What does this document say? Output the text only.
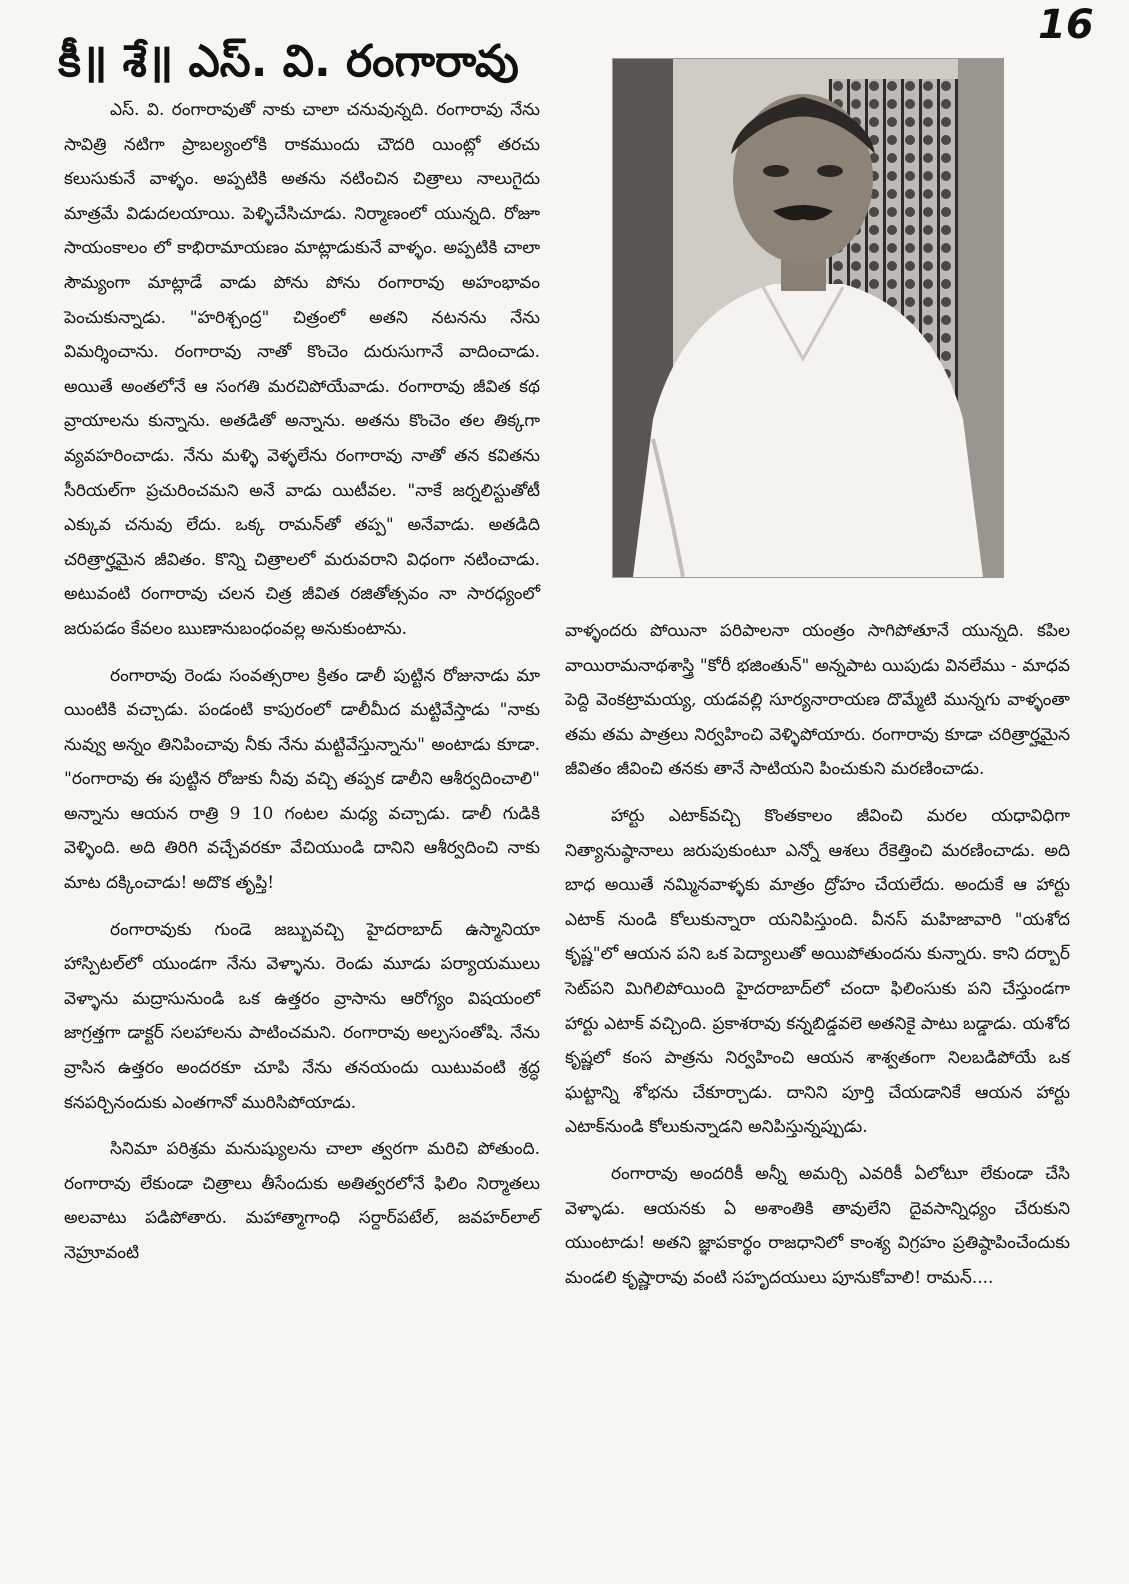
16
కీ॥ శే॥ ఎస్. వి. రంగారావు

ఎస్. వి. రంగారావుతో నాకు చాలా చనువున్నది. రంగారావు నేను సావిత్రి నటిగా ప్రాబల్యంలోకి రాకముందు చౌదరి యింట్లో తరచు కలుసుకునే వాళ్ళం. అప్పటికి అతను నటించిన చిత్రాలు నాలుగైదు మాత్రమే విడుదలయాయి. పెళ్ళిచేసిచూడు. నిర్మాణంలో యున్నది. రోజూ సాయంకాలం లో కాభిరామాయణం మాట్లాడుకునే వాళ్ళం. అప్పటికి చాలా సౌమ్యంగా మాట్లాడే వాడు పోను పోను రంగారావు అహంభావం పెంచుకున్నాడు. "హరిశ్చంద్ర" చిత్రంలో అతని నటనను నేను విమర్శించాను. రంగారావు నాతో కొంచెం దురుసుగానే వాదించాడు. అయితే అంతలోనే ఆ సంగతి మరచిపోయేవాడు. రంగారావు జీవిత కథ వ్రాయాలను కున్నాను. అతడితో అన్నాను. అతను కొంచెం తల తిక్కగా వ్యవహరించాడు. నేను మళ్ళి వెళ్ళలేను రంగారావు నాతో తన కవితను సీరియల్‌గా ప్రచురించమని అనే వాడు యిటీవల. "నాకే జర్నలిస్టుతోటీ ఎక్కువ చనువు లేదు. ఒక్క రామన్‌తో తప్ప" అనేవాడు. అతడిది చరిత్రార్హమైన జీవితం. కొన్ని చిత్రాలలో మరువరాని విధంగా నటించాడు. అటువంటి రంగారావు చలన చిత్ర జీవిత రజితోత్సవం నా సారధ్యంలో జరుపడం కేవలం ఋణానుబంధంవల్ల అనుకుంటాను.

రంగారావు రెండు సంవత్సరాల క్రితం డాలీ పుట్టిన రోజునాడు మా యింటికి వచ్చాడు. పండంటి కాపురంలో డాలీమీద మట్టివేస్తాడు "నాకు నువ్వు అన్నం తినిపించావు నీకు నేను మట్టివేస్తున్నాను" అంటాడు కూడా. "రంగారావు ఈ పుట్టిన రోజుకు నీవు వచ్చి తప్పక డాలీని ఆశీర్వదించాలి" అన్నాను ఆయన రాత్రి 9 10 గంటల మధ్య వచ్చాడు. డాలీ గుడికి వెళ్ళింది. అది తిరిగి వచ్చేవరకూ వేచియుండి దానిని ఆశీర్వదించి నాకు మాట దక్కించాడు! అదొక తృప్తి!

రంగారావుకు గుండె జబ్బువచ్చి హైదరాబాద్ ఉస్మానియా హాస్పిటల్‌లో యుండగా నేను వెళ్ళాను. రెండు మూడు పర్యాయములు వెళ్ళాను మద్రాసునుండి ఒక ఉత్తరం వ్రాసాను ఆరోగ్యం విషయంలో జాగ్రత్తగా డాక్టర్ సలహాలను పాటించమని. రంగారావు అల్పసంతోషి. నేను వ్రాసిన ఉత్తరం అందరకూ చూపి నేను తనయందు యిటువంటి శ్రద్ధ కనపర్చినందుకు ఎంతగానో మురిసిపోయాడు.

సినిమా పరిశ్రమ మనుష్యులను చాలా త్వరగా మరిచి పోతుంది. రంగారావు లేకుండా చిత్రాలు తీసేందుకు అతిత్వరలోనే ఫిలిం నిర్మాతలు అలవాటు పడిపోతారు. మహాత్మాగాంధి సర్దార్‌పటేల్, జవహర్‌లాల్ నెహ్రూవంటి

వాళ్ళందరు పోయినా పరిపాలనా యంత్రం సాగిపోతూనే యున్నది. కపిల వాయిరామనాథశాస్త్రి "కోరీ భజింతున్" అన్నపాట యిపుడు వినలేము - మాధవ పెద్ది వెంకట్రామయ్య, యడవల్లి సూర్యనారాయణ దొమ్మేటి మున్నగు వాళ్ళంతా తమ తమ పాత్రలు నిర్వహించి వెళ్ళిపోయారు. రంగారావు కూడా చరిత్రార్హమైన జీవితం జీవించి తనకు తానే సాటియని పించుకుని మరణించాడు.

హార్టు ఎటాక్‌వచ్చి కొంతకాలం జీవించి మరల యధావిధిగా నిత్యానుష్ఠానాలు జరుపుకుంటూ ఎన్నో ఆశలు రేకెత్తించి మరణించాడు. అది బాధ అయితే నమ్మినవాళ్ళకు మాత్రం ద్రోహం చేయలేదు. అందుకే ఆ హార్టు ఎటాక్ నుండి కోలుకున్నారా యనిపిస్తుంది. వీనస్ మహిజావారి "యశోద కృష్ణ"లో ఆయన పని ఒక పెద్యాలుతో అయిపోతుందను కున్నారు. కాని దర్బార్ సెట్‌పని మిగిలిపోయింది హైదరాబాద్‌లో చందా ఫిలింసుకు పని చేస్తుండగా హార్టు ఎటాక్ వచ్చింది. ప్రకాశరావు కన్నబిడ్డవలె అతనికై పాటు బడ్డాడు. యశోద కృష్ణలో కంస పాత్రను నిర్వహించి ఆయన శాశ్వతంగా నిలబడిపోయే ఒక ఘట్టాన్ని శోభను చేకూర్చాడు. దానిని పూర్తి చేయడానికే ఆయన హార్టు ఎటాక్‌నుండి కోలుకున్నాడని అనిపిస్తున్నప్పుడు.

రంగారావు అందరికీ అన్నీ అమర్చి ఎవరికీ ఏలోటూ లేకుండా చేసి వెళ్ళాడు. ఆయనకు ఏ అశాంతికి తావులేని దైవసాన్నిధ్యం చేరుకుని యుంటాడు! అతని జ్ఞాపకార్థం రాజధానిలో కాంశ్య విగ్రహం ప్రతిష్ఠాపించేందుకు మండలి కృష్ణారావు వంటి సహృదయులు పూనుకోవాలి! రామన్....
